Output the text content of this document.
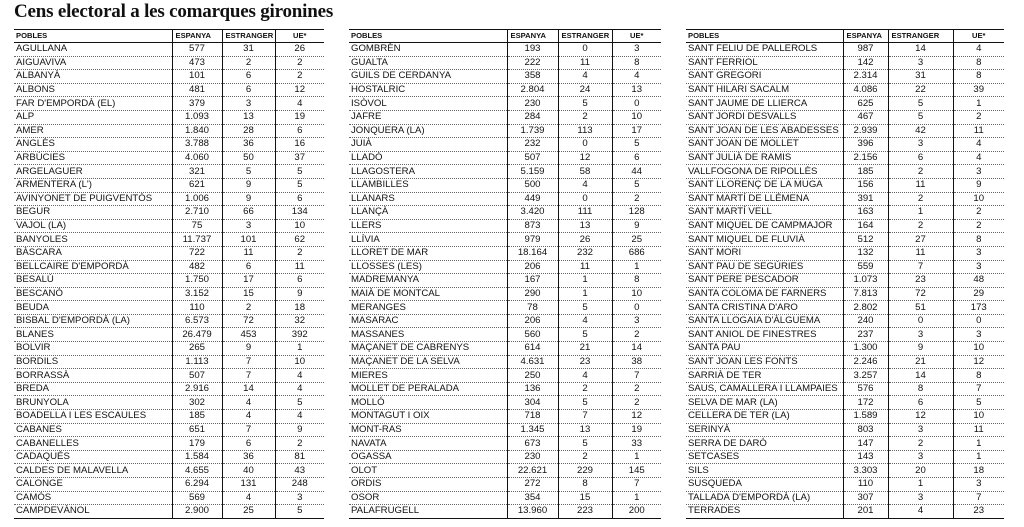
Cens electoral a les comarques gironines
POBLES	ESPANYA	ESTRANGER	UE*
AGULLANA	577	31	26
AIGUAVIVA	473	2	2
ALBANYÀ	101	6	2
ALBONS	481	6	12
FAR D'EMPORDÀ (EL)	379	3	4
ALP	1.093	13	19
AMER	1.840	28	6
ANGLÈS	3.788	36	16
ARBÚCIES	4.060	50	37
ARGELAGUER	321	5	5
ARMENTERA (L')	621	9	5
AVINYONET DE PUIGVENTÓS	1.006	9	6
BEGUR	2.710	66	134
VAJOL (LA)	75	3	10
BANYOLES	11.737	101	62
BÀSCARA	722	11	2
BELLCAIRE D'EMPORDÀ	482	6	11
BESALÚ	1.750	17	6
BESCANÓ	3.152	15	9
BEUDA	110	2	18
BISBAL D'EMPORDÀ (LA)	6.573	72	32
BLANES	26.479	453	392
BOLVIR	265	9	1
BORDILS	1.113	7	10
BORRASSÀ	507	7	4
BREDA	2.916	14	4
BRUNYOLA	302	4	5
BOADELLA I LES ESCAULES	185	4	4
CABANES	651	7	9
CABANELLES	179	6	2
CADAQUÉS	1.584	36	81
CALDES DE MALAVELLA	4.655	40	43
CALONGE	6.294	131	248
CAMÓS	569	4	3
CAMPDEVÀNOL	2.900	25	5
POBLES	ESPANYA	ESTRANGER	UE*
GOMBRÈN	193	0	3
GUALTA	222	11	8
GUILS DE CERDANYA	358	4	4
HOSTALRIC	2.804	24	13
ISÒVOL	230	5	0
JAFRE	284	2	10
JONQUERA (LA)	1.739	113	17
JUIÀ	232	0	5
LLADÓ	507	12	6
LLAGOSTERA	5.159	58	44
LLAMBILLES	500	4	5
LLANARS	449	0	2
LLANÇÀ	3.420	111	128
LLERS	873	13	9
LLÍVIA	979	26	25
LLORET DE MAR	18.164	232	686
LLOSSES (LES)	206	11	1
MADREMANYA	167	1	8
MAIÀ DE MONTCAL	290	1	10
MERANGES	78	5	0
MASARAC	206	4	3
MASSANES	560	5	2
MAÇANET DE CABRENYS	614	21	14
MAÇANET DE LA SELVA	4.631	23	38
MIERES	250	4	7
MOLLET DE PERALADA	136	2	2
MOLLÓ	304	5	2
MONTAGUT I OIX	718	7	12
MONT-RAS	1.345	13	19
NAVATA	673	5	33
OGASSA	230	2	1
OLOT	22.621	229	145
ORDIS	272	8	7
OSOR	354	15	1
PALAFRUGELL	13.960	223	200
POBLES	ESPANYA	ESTRANGER	UE*
SANT FELIU DE PALLEROLS	987	14	4
SANT FERRIOL	142	3	8
SANT GREGORI	2.314	31	8
SANT HILARI SACALM	4.086	22	39
SANT JAUME DE LLIERCA	625	5	1
SANT JORDI DESVALLS	467	5	2
SANT JOAN DE LES ABADESSES	2.939	42	11
SANT JOAN DE MOLLET	396	3	4
SANT JULIÀ DE RAMIS	2.156	6	4
VALLFOGONA DE RIPOLLÈS	185	2	3
SANT LLORENÇ DE LA MUGA	156	11	9
SANT MARTÍ DE LLÉMENA	391	2	10
SANT MARTÍ VELL	163	1	2
SANT MIQUEL DE CAMPMAJOR	164	2	2
SANT MIQUEL DE FLUVIÀ	512	27	8
SANT MORI	132	11	3
SANT PAU DE SEGÚRIES	559	7	3
SANT PERE PESCADOR	1.073	23	48
SANTA COLOMA DE FARNERS	7.813	72	29
SANTA CRISTINA D'ARO	2.802	51	173
SANTA LLOGAIA D'ÀLGUEMA	240	0	0
SANT ANIOL DE FINESTRES	237	3	3
SANTA PAU	1.300	9	10
SANT JOAN LES FONTS	2.246	21	12
SARRIÀ DE TER	3.257	14	8
SAUS, CAMALLERA I LLAMPAIES	576	8	7
SELVA DE MAR (LA)	172	6	5
CELLERA DE TER (LA)	1.589	12	10
SERINYÀ	803	3	11
SERRA DE DARÓ	147	2	1
SETCASES	143	3	1
SILS	3.303	20	18
SUSQUEDA	110	1	3
TALLADA D'EMPORDÀ (LA)	307	3	7
TERRADES	201	4	23
